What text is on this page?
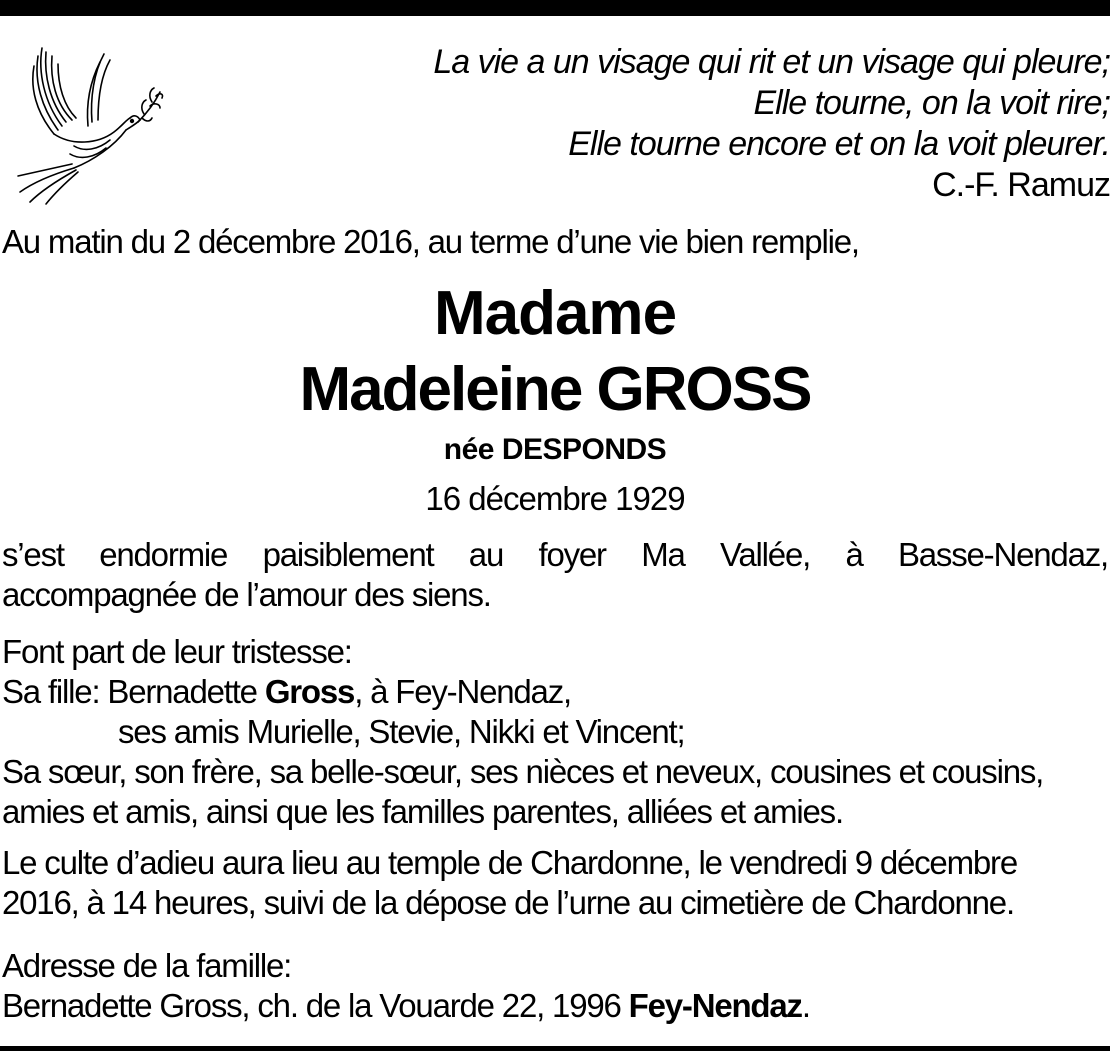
La vie a un visage qui rit et un visage qui pleure;
Elle tourne, on la voit rire;
Elle tourne encore et on la voit pleurer.
C.-F. Ramuz
Au matin du 2 décembre 2016, au terme d’une vie bien remplie,
Madame
Madeleine GROSS
née DESPONDS
16 décembre 1929
s’est endormie paisiblement au foyer Ma Vallée, à Basse-Nendaz,
accompagnée de l’amour des siens.
Font part de leur tristesse:
Sa fille: Bernadette Gross, à Fey-Nendaz,
ses amis Murielle, Stevie, Nikki et Vincent;
Sa sœur, son frère, sa belle-sœur, ses nièces et neveux, cousines et cousins,
amies et amis, ainsi que les familles parentes, alliées et amies.
Le culte d’adieu aura lieu au temple de Chardonne, le vendredi 9 décembre
2016, à 14 heures, suivi de la dépose de l’urne au cimetière de Chardonne.
Adresse de la famille:
Bernadette Gross, ch. de la Vouarde 22, 1996 Fey-Nendaz.
